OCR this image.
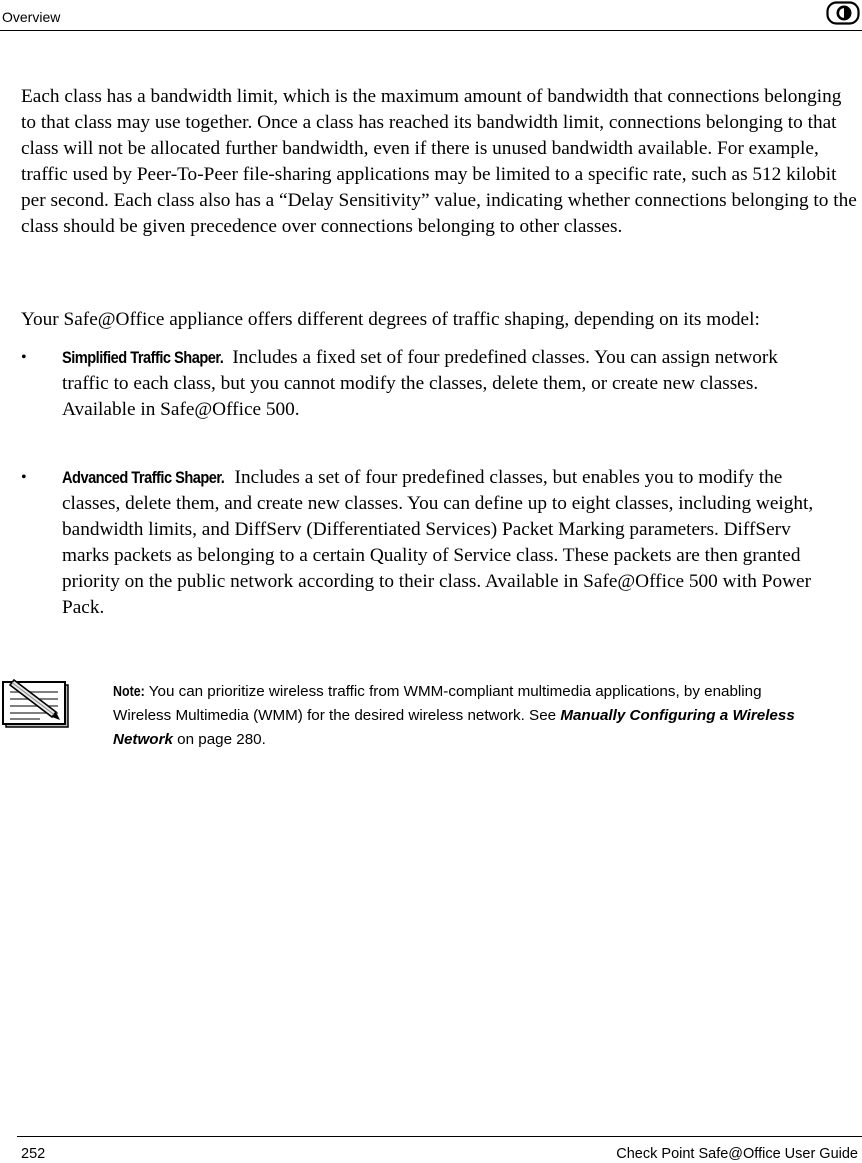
Overview

Each class has a bandwidth limit, which is the maximum amount of bandwidth that connections belonging to that class may use together. Once a class has reached its bandwidth limit, connections belonging to that class will not be allocated further bandwidth, even if there is unused bandwidth available. For example, traffic used by Peer-To-Peer file-sharing applications may be limited to a specific rate, such as 512 kilobit per second. Each class also has a “Delay Sensitivity” value, indicating whether connections belonging to the class should be given precedence over connections belonging to other classes.

Your Safe@Office appliance offers different degrees of traffic shaping, depending on its model:

•	Simplified Traffic Shaper. Includes a fixed set of four predefined classes. You can assign network traffic to each class, but you cannot modify the classes, delete them, or create new classes. Available in Safe@Office 500.
•	Advanced Traffic Shaper. Includes a set of four predefined classes, but enables you to modify the classes, delete them, and create new classes. You can define up to eight classes, including weight, bandwidth limits, and DiffServ (Differentiated Services) Packet Marking parameters. DiffServ marks packets as belonging to a certain Quality of Service class. These packets are then granted priority on the public network according to their class. Available in Safe@Office 500 with Power Pack.
Note: You can prioritize wireless traffic from WMM-compliant multimedia applications, by enabling Wireless Multimedia (WMM) for the desired wireless network. See Manually Configuring a Wireless Network on page 280.
252	Check Point Safe@Office User Guide
